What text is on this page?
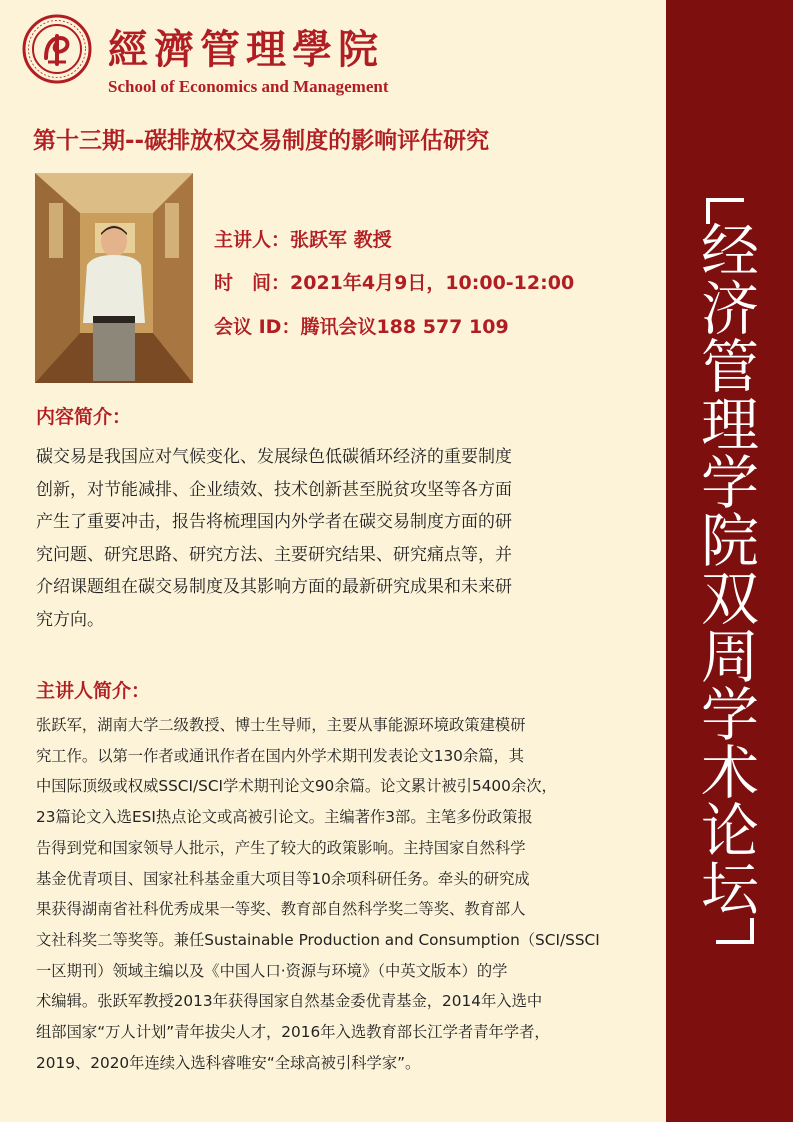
經濟管理學院
School of Economics and Management
第十三期--碳排放权交易制度的影响评估研究
主讲人：张跃军 教授
时　间：2021年4月9日，10:00-12:00
会议 ID：腾讯会议188 577 109
内容简介：
碳交易是我国应对气候变化、发展绿色低碳循环经济的重要制度
创新，对节能减排、企业绩效、技术创新甚至脱贫攻坚等各方面
产生了重要冲击，报告将梳理国内外学者在碳交易制度方面的研
究问题、研究思路、研究方法、主要研究结果、研究痛点等，并
介绍课题组在碳交易制度及其影响方面的最新研究成果和未来研
究方向。
主讲人简介：
张跃军，湖南大学二级教授、博士生导师，主要从事能源环境政策建模研
究工作。以第一作者或通讯作者在国内外学术期刊发表论文130余篇，其
中国际顶级或权威SSCI/SCI学术期刊论文90余篇。论文累计被引5400余次，
23篇论文入选ESI热点论文或高被引论文。主编著作3部。主笔多份政策报
告得到党和国家领导人批示，产生了较大的政策影响。主持国家自然科学
基金优青项目、国家社科基金重大项目等10余项科研任务。牵头的研究成
果获得湖南省社科优秀成果一等奖、教育部自然科学奖二等奖、教育部人
文社科奖二等奖等。兼任Sustainable Production and Consumption（SCI/SSCI
一区期刊）领域主编以及《中国人口·资源与环境》（中英文版本）的学
术编辑。张跃军教授2013年获得国家自然基金委优青基金，2014年入选中
组部国家“万人计划”青年拔尖人才，2016年入选教育部长江学者青年学者，
2019、2020年连续入选科睿唯安“全球高被引科学家”。
经
济
管
理
学
院
双
周
学
术
论
坛
